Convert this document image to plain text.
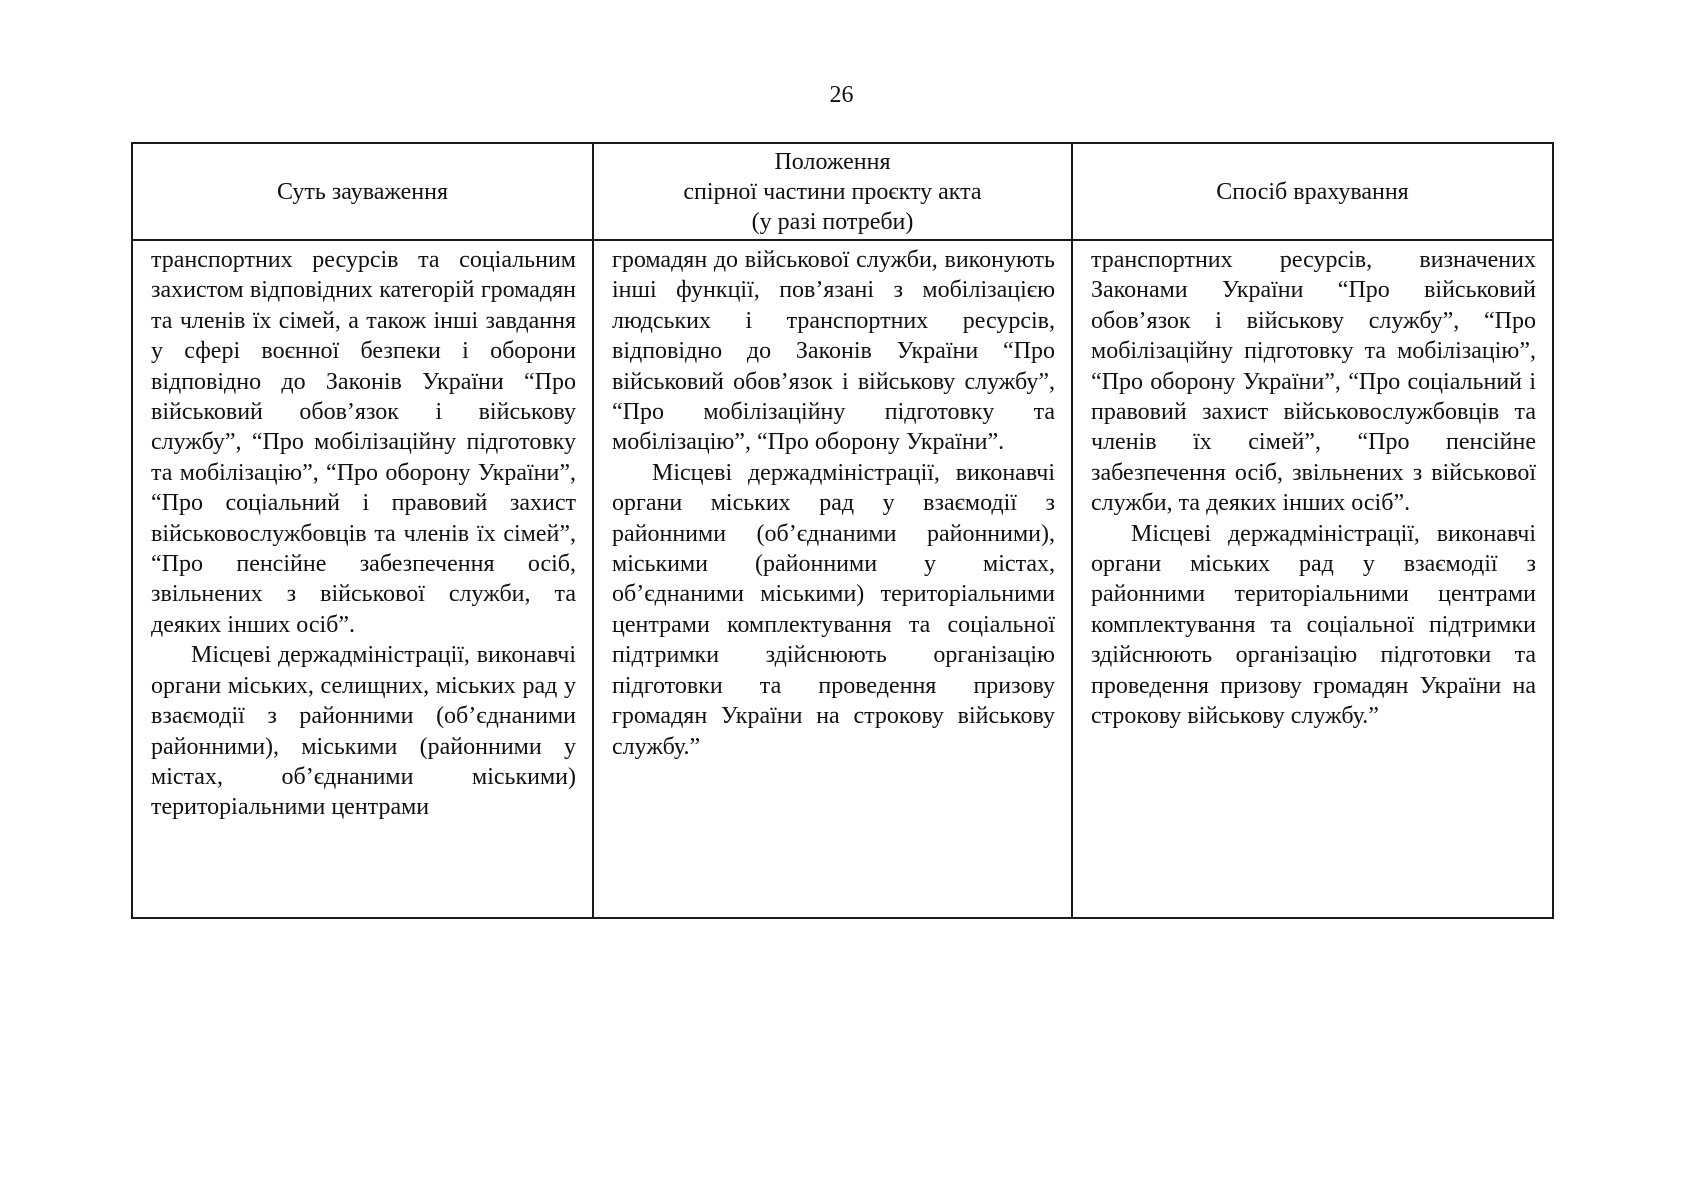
26
Суть зауваження
Положення
спірної частини проєкту акта
(у разі потреби)
Спосіб врахування

транспортних ресурсів та соціальним захистом відповідних категорій громадян та членів їх сімей, а також інші завдання у сфері воєнної безпеки і оборони відповідно до Законів України “Про військовий обов’язок і військову службу”, “Про мобілізаційну підготовку та мобілізацію”, “Про оборону України”, “Про соціальний і правовий захист військовослужбовців та членів їх сімей”, “Про пенсійне забезпечення осіб, звільнених з військової служби, та деяких інших осіб”.

Місцеві держадміністрації, виконавчі органи міських, селищних, міських рад у взаємодії з районними (об’єднаними районними), міськими (районними у містах, об’єднаними міськими) територіальними центрами

громадян до військової служби, виконують інші функції, пов’язані з мобілізацією людських і транспортних ресурсів, відповідно до Законів України “Про військовий обов’язок і військову службу”, “Про мобілізаційну підготовку та мобілізацію”, “Про оборону України”.

Місцеві держадміністрації, виконавчі органи міських рад у взаємодії з районними (об’єднаними районними), міськими (районними у містах, об’єднаними міськими) територіальними центрами комплектування та соціальної підтримки здійснюють організацію підготовки та проведення призову громадян України на строкову військову службу.”

транспортних ресурсів, визначених Законами України “Про військовий обов’язок і військову службу”, “Про мобілізаційну підготовку та мобілізацію”, “Про оборону України”, “Про соціальний і правовий захист військовослужбовців та членів їх сімей”, “Про пенсійне забезпечення осіб, звільнених з військової служби, та деяких інших осіб”.

Місцеві держадміністрації, виконавчі органи міських рад у взаємодії з районними територіальними центрами комплектування та соціальної підтримки здійснюють організацію підготовки та проведення призову громадян України на строкову військову службу.”
